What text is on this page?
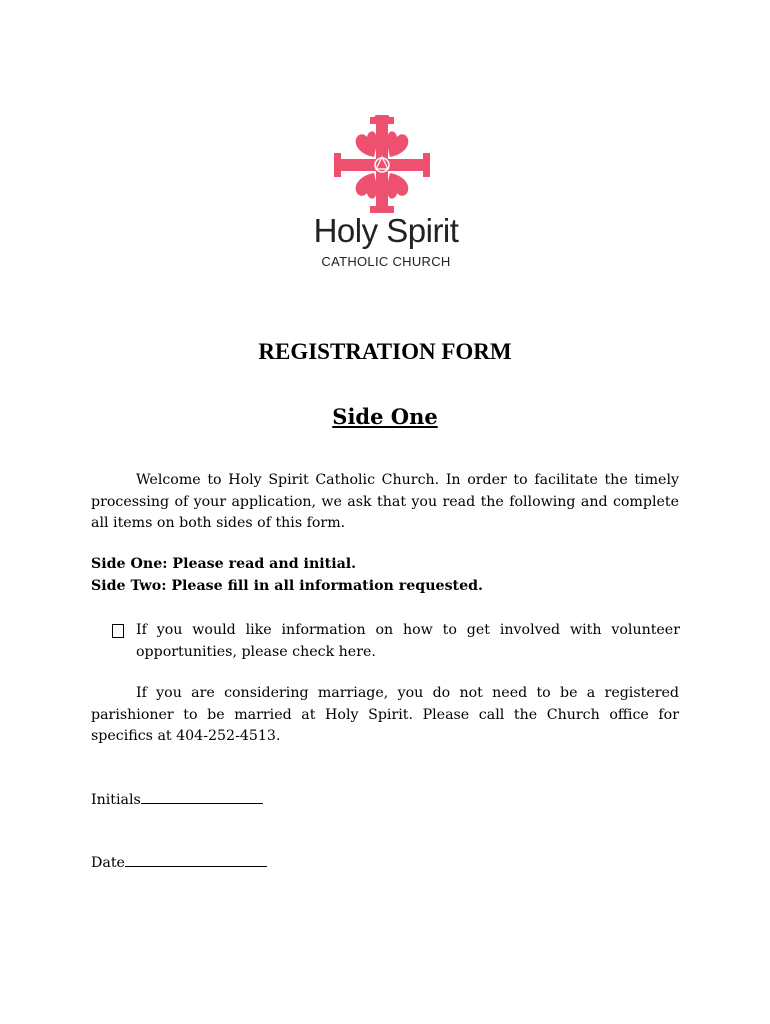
Holy Spirit
CATHOLIC CHURCH
REGISTRATION FORM
Side One
Welcome to Holy Spirit Catholic Church. In order to facilitate the timely processing of your application, we ask that you read the following and complete all items on both sides of this form.
Side One: Please read and initial.
Side Two: Please fill in all information requested.
If you would like information on how to get involved with volunteer opportunities, please check here.
If you are considering marriage, you do not need to be a registered parishioner to be married at Holy Spirit. Please call the Church office for specifics at 404-252-4513.
Initials
Date
